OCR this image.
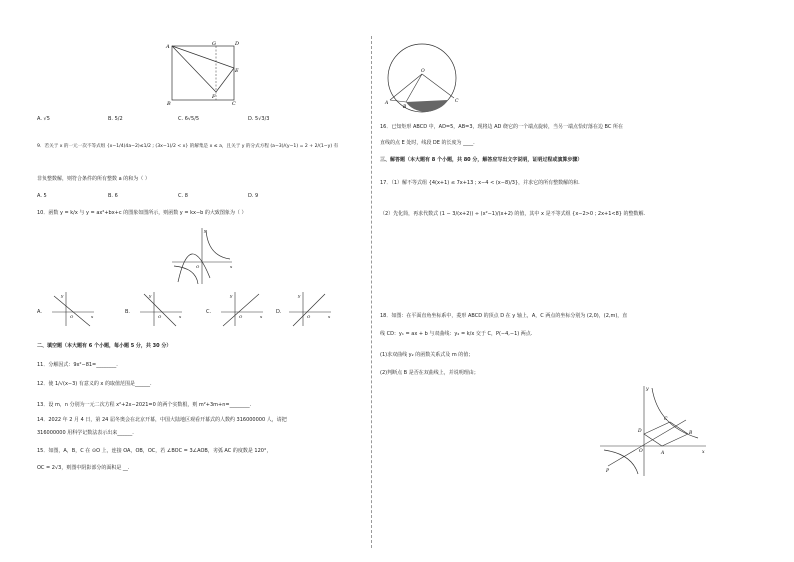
A	G	D
E
F
B	C
A. √5	B. 5/2	C. 6√5/5	D. 5√3/3
9．若关于 x 的一元一次不等式组 {x−1/4(4a−2)≤1/2 ; (3x−1)/2 < x} 的解集是 x ≤ a，且关于 y 的分式方程 (a−3)/(y−1) = 2 + 2/(1−y) 有
非负整数解，则符合条件的所有整数 a 的和为（ ）
A. 5	B. 6	C. 8	D. 9
10．函数 y = k/x 与 y = ax²+bx+c 的图象如图所示，则函数 y = kx−b 的大致图象为（ ）
y
x
O
A.
y
x
O
B.
y
x
O
C.
y
x
O
D.
y
x
O
二、填空题（本大题有 6 个小题，每小题 5 分，共 30 分）
11．分解因式：9x²−81=________.
12．使 1/√(x−3) 有意义的 x 的取值范围是______.
13．设 m，n 分别为一元二次方程 x²+2x−2021=0 的两个实数根，则 m²+3m+n=________.
14．2022 年 2 月 4 日，第 24 届冬奥会在北京开幕，中国大陆地区观看开幕式的人数约 316000000 人，请把
316000000 用科学记数法表示出来______.
15．如图，A，B，C 在 ⊙O 上，连接 OA，OB，OC，若 ∠BOC = 3∠AOB，劣弧 AC 的度数是 120°，
OC = 2√3，则图中阴影部分的面积是 __.
O
A
B
C
16．已知矩形 ABCD 中，AD=5，AB=3，现将边 AD 绕它的一个端点旋转，当另一端点恰好落在边 BC 所在
直线的点 E 处时，线段 DE 的长度为 ____.
三、解答题（本大题有 8 个小题，共 80 分，解答应写出文字说明，证明过程或演算步骤）
17．（1）解不等式组 {4(x+1) ≤ 7x+13 ; x−4 < (x−8)/3}，并求它的所有整数解的和.
（2）先化简，再求代数式 (1 − 3/(x+2)) ÷ (x²−1)/(x+2) 的值，其中 x 是不等式组 {x−2>0 ; 2x+1<8} 的整数解.
18．如图：在平面直角坐标系中，菱形 ABCD 的顶点 D 在 y 轴上，A，C 两点的坐标分别为 (2,0)，(2,m)，直
线 CD：y₁ = ax + b 与双曲线：y₂ = k/x 交于 C，P(−4,−1) 两点.
(1)求双曲线 y₂ 的函数关系式及 m 的值；
(2)判断点 B 是否在双曲线上，并说明理由；
C
D	B
O	A
P
x
y
